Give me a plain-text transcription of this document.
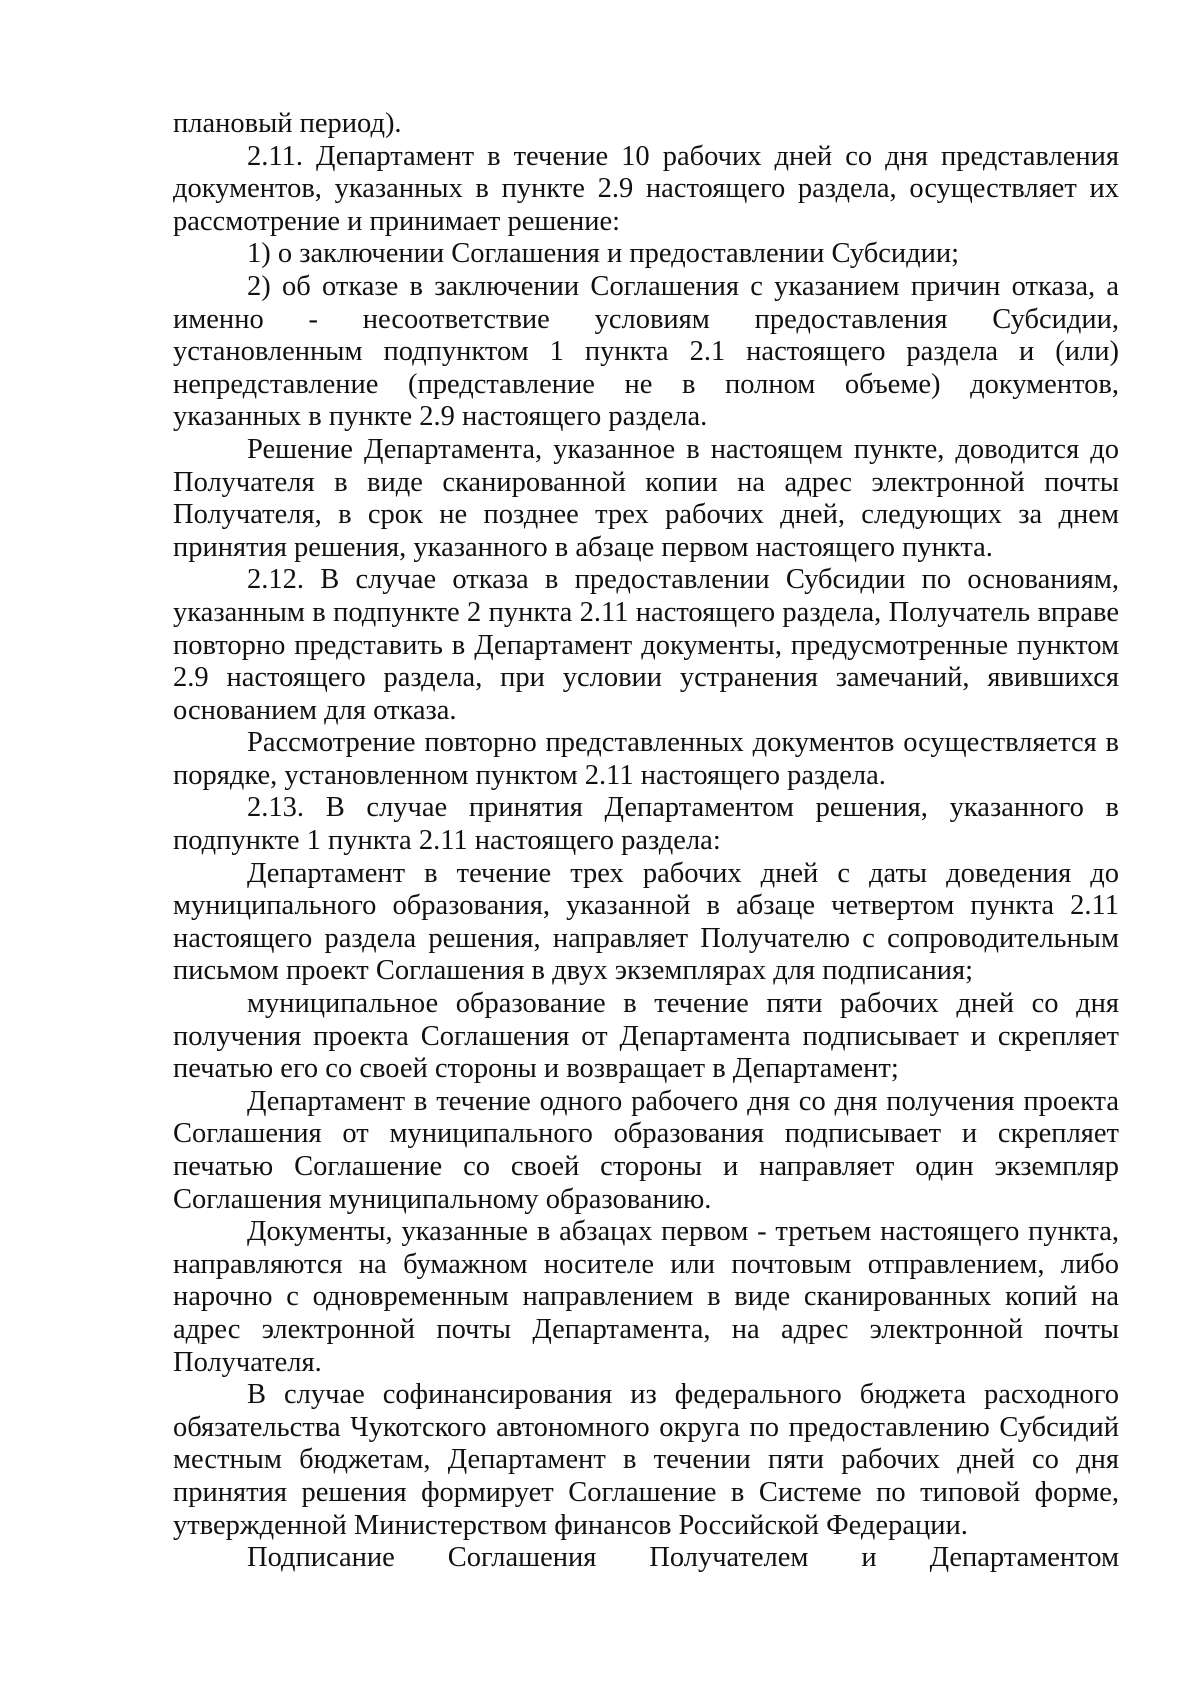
плановый период).

2.11. Департамент в течение 10 рабочих дней со дня представления документов, указанных в пункте 2.9 настоящего раздела, осуществляет их рассмотрение и принимает решение:

1) о заключении Соглашения и предоставлении Субсидии;

2) об отказе в заключении Соглашения с указанием причин отказа, а именно - несоответствие условиям предоставления Субсидии, установленным подпунктом 1 пункта 2.1 настоящего раздела и (или) непредставление (представление не в полном объеме) документов, указанных в пункте 2.9 настоящего раздела.

Решение Департамента, указанное в настоящем пункте, доводится до Получателя в виде сканированной копии на адрес электронной почты Получателя, в срок не позднее трех рабочих дней, следующих за днем принятия решения, указанного в абзаце первом настоящего пункта.

2.12. В случае отказа в предоставлении Субсидии по основаниям, указанным в подпункте 2 пункта 2.11 настоящего раздела, Получатель вправе повторно представить в Департамент документы, предусмотренные пунктом 2.9 настоящего раздела, при условии устранения замечаний, явившихся основанием для отказа.

Рассмотрение повторно представленных документов осуществляется в порядке, установленном пунктом 2.11 настоящего раздела.

2.13. В случае принятия Департаментом решения, указанного в подпункте 1 пункта 2.11 настоящего раздела:

Департамент в течение трех рабочих дней с даты доведения до муниципального образования, указанной в абзаце четвертом пункта 2.11 настоящего раздела решения, направляет Получателю с сопроводительным письмом проект Соглашения в двух экземплярах для подписания;

муниципальное образование в течение пяти рабочих дней со дня получения проекта Соглашения от Департамента подписывает и скрепляет печатью его со своей стороны и возвращает в Департамент;

Департамент в течение одного рабочего дня со дня получения проекта Соглашения от муниципального образования подписывает и скрепляет печатью Соглашение со своей стороны и направляет один экземпляр Соглашения муниципальному образованию.

Документы, указанные в абзацах первом - третьем настоящего пункта, направляются на бумажном носителе или почтовым отправлением, либо нарочно с одновременным направлением в виде сканированных копий на адрес электронной почты Департамента, на адрес электронной почты Получателя.

В случае софинансирования из федерального бюджета расходного обязательства Чукотского автономного округа по предоставлению Субсидий местным бюджетам, Департамент в течении пяти рабочих дней со дня принятия решения формирует Соглашение в Системе по типовой форме, утвержденной Министерством финансов Российской Федерации.

Подписание Соглашения Получателем и Департаментом
